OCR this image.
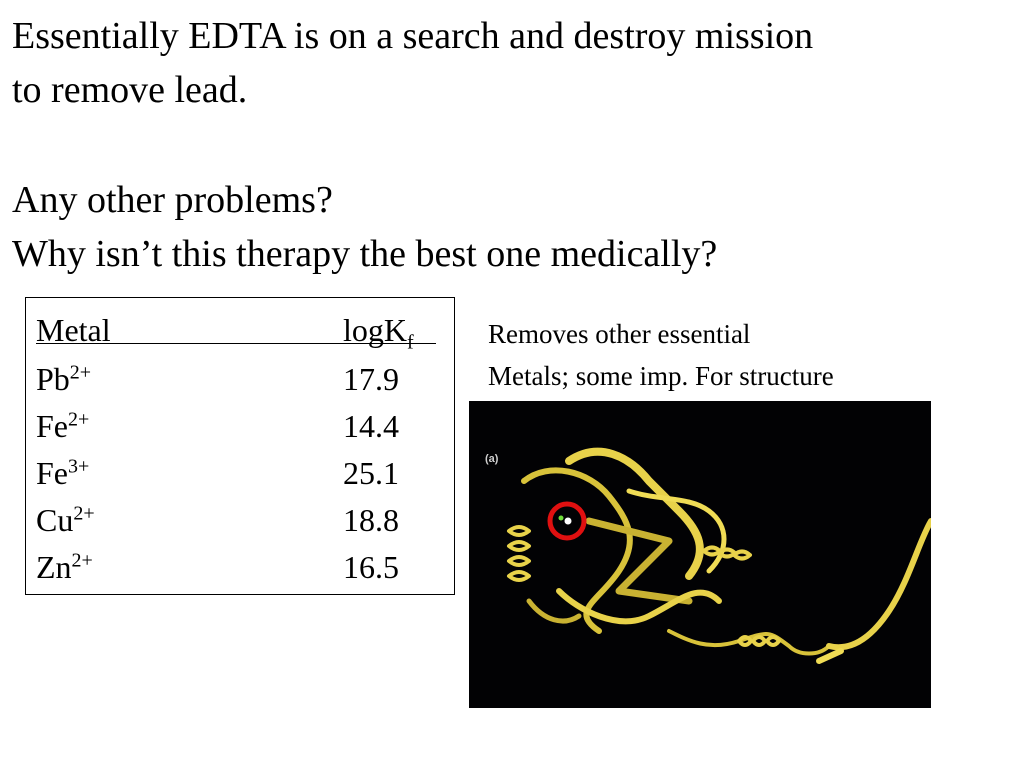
Essentially EDTA is on a search and destroy mission
to remove lead.
Any other problems?
Why isn’t this therapy the best one medically?
Metal	logK$_f$
$Pb^{2+}$	17.9
$Fe^{2+}$	14.4
$Fe^{3+}$	25.1
$Cu^{2+}$	18.8
$Zn^{2+}$	16.5
Removes other essential
Metals; some imp. For structure
(a)
